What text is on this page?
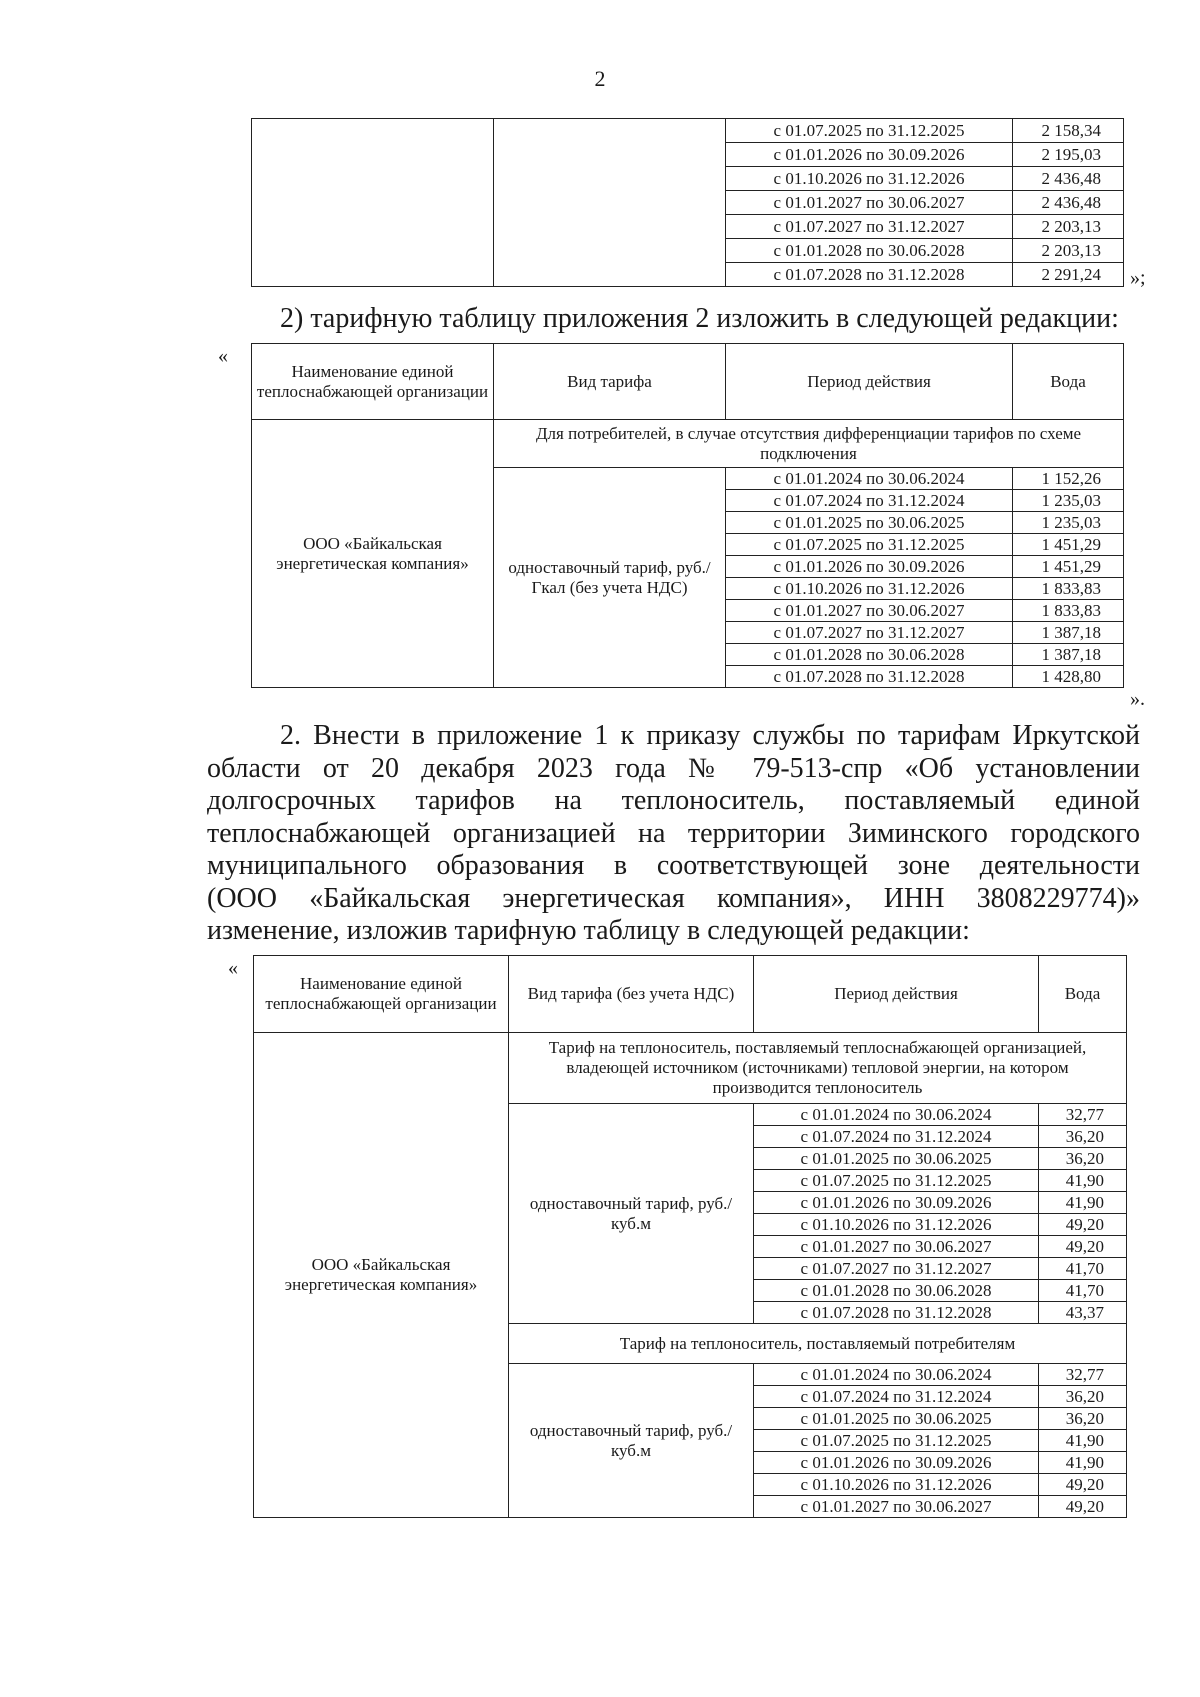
2
		с 01.07.2025 по 31.12.2025	2 158,34
		с 01.01.2026 по 30.09.2026	2 195,03
		с 01.10.2026 по 31.12.2026	2 436,48
		с 01.01.2027 по 30.06.2027	2 436,48
		с 01.07.2027 по 31.12.2027	2 203,13
		с 01.01.2028 по 30.06.2028	2 203,13
		с 01.07.2028 по 31.12.2028	2 291,24 »;
2) тарифную таблицу приложения 2 изложить в следующей редакции:
«
Наименование единой теплоснабжающей организации	Вид тарифа	Период действия	Вода
ООО «Байкальская энергетическая компания»	Для потребителей, в случае отсутствия дифференциации тарифов по схеме подключения		
	одноставочный тариф, руб./Гкал (без учета НДС)	с 01.01.2024 по 30.06.2024	1 152,26
		с 01.07.2024 по 31.12.2024	1 235,03
		с 01.01.2025 по 30.06.2025	1 235,03
		с 01.07.2025 по 31.12.2025	1 451,29
		с 01.01.2026 по 30.09.2026	1 451,29
		с 01.10.2026 по 31.12.2026	1 833,83
		с 01.01.2027 по 30.06.2027	1 833,83
		с 01.07.2027 по 31.12.2027	1 387,18
		с 01.01.2028 по 30.06.2028	1 387,18
		с 01.07.2028 по 31.12.2028	1 428,80
».
2. Внести в приложение 1 к приказу службы по тарифам Иркутской
области от 20 декабря 2023 года № 79-513-спр «Об установлении
долгосрочных тарифов на теплоноситель, поставляемый единой
теплоснабжающей организацией на территории Зиминского городского
муниципального образования в соответствующей зоне деятельности
(ООО «Байкальская энергетическая компания», ИНН 3808229774)»
изменение, изложив тарифную таблицу в следующей редакции:
«
Наименование единой теплоснабжающей организации	Вид тарифа (без учета НДС)	Период действия	Вода
ООО «Байкальская энергетическая компания»	Тариф на теплоноситель, поставляемый теплоснабжающей организацией, владеющей источником (источниками) тепловой энергии, на котором производится теплоноситель		
	одноставочный тариф, руб./куб.м	с 01.01.2024 по 30.06.2024	32,77
		с 01.07.2024 по 31.12.2024	36,20
		с 01.01.2025 по 30.06.2025	36,20
		с 01.07.2025 по 31.12.2025	41,90
		с 01.01.2026 по 30.09.2026	41,90
		с 01.10.2026 по 31.12.2026	49,20
		с 01.01.2027 по 30.06.2027	49,20
		с 01.07.2027 по 31.12.2027	41,70
		с 01.01.2028 по 30.06.2028	41,70
		с 01.07.2028 по 31.12.2028	43,37
	Тариф на теплоноситель, поставляемый потребителям		
	одноставочный тариф, руб./куб.м	с 01.01.2024 по 30.06.2024	32,77
		с 01.07.2024 по 31.12.2024	36,20
		с 01.01.2025 по 30.06.2025	36,20
		с 01.07.2025 по 31.12.2025	41,90
		с 01.01.2026 по 30.09.2026	41,90
		с 01.10.2026 по 31.12.2026	49,20
		с 01.01.2027 по 30.06.2027	49,20
